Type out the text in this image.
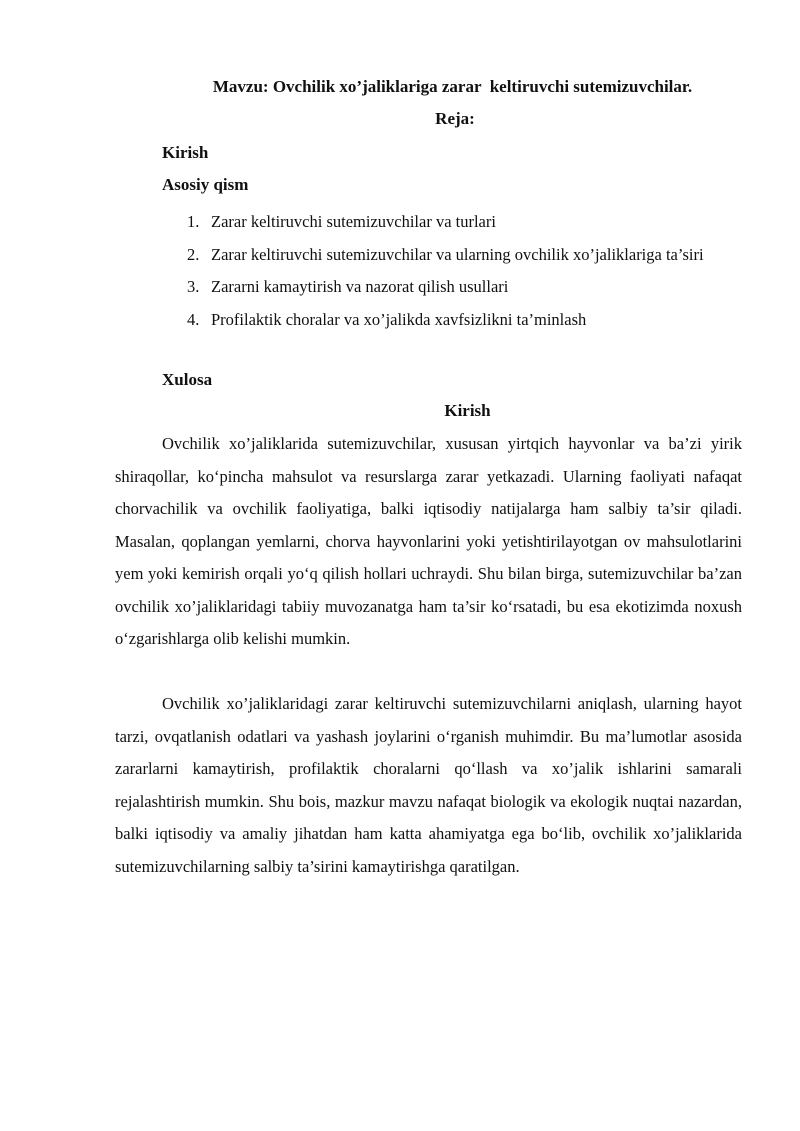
Mavzu: Ovchilik xo’jaliklariga zarar  keltiruvchi sutemizuvchilar.
Reja:
Kirish
Asosiy qism
1. Zarar keltiruvchi sutemizuvchilar va turlari
2. Zarar keltiruvchi sutemizuvchilar va ularning ovchilik xo’jaliklariga ta’siri
3. Zararni kamaytirish va nazorat qilish usullari
4. Profilaktik choralar va xo’jalikda xavfsizlikni ta’minlash
Xulosa
Kirish

Ovchilik xo’jaliklarida sutemizuvchilar, xususan yirtqich hayvonlar va ba’zi yirik shiraqollar, ko‘pincha mahsulot va resurslarga zarar yetkazadi. Ularning faoliyati nafaqat chorvachilik va ovchilik faoliyatiga, balki iqtisodiy natijalarga ham salbiy ta’sir qiladi. Masalan, qoplangan yemlarni, chorva hayvonlarini yoki yetishtirilayotgan ov mahsulotlarini yem yoki kemirish orqali yo‘q qilish hollari uchraydi. Shu bilan birga, sutemizuvchilar ba’zan ovchilik xo’jaliklaridagi tabiiy muvozanatga ham ta’sir ko‘rsatadi, bu esa ekotizimda noxush o‘zgarishlarga olib kelishi mumkin.

Ovchilik xo’jaliklaridagi zarar keltiruvchi sutemizuvchilarni aniqlash, ularning hayot tarzi, ovqatlanish odatlari va yashash joylarini o‘rganish muhimdir. Bu ma’lumotlar asosida zararlarni kamaytirish, profilaktik choralarni qo‘llash va xo’jalik ishlarini samarali rejalashtirish mumkin. Shu bois, mazkur mavzu nafaqat biologik va ekologik nuqtai nazardan, balki iqtisodiy va amaliy jihatdan ham katta ahamiyatga ega bo‘lib, ovchilik xo’jaliklarida sutemizuvchilarning salbiy ta’sirini kamaytirishga qaratilgan.
